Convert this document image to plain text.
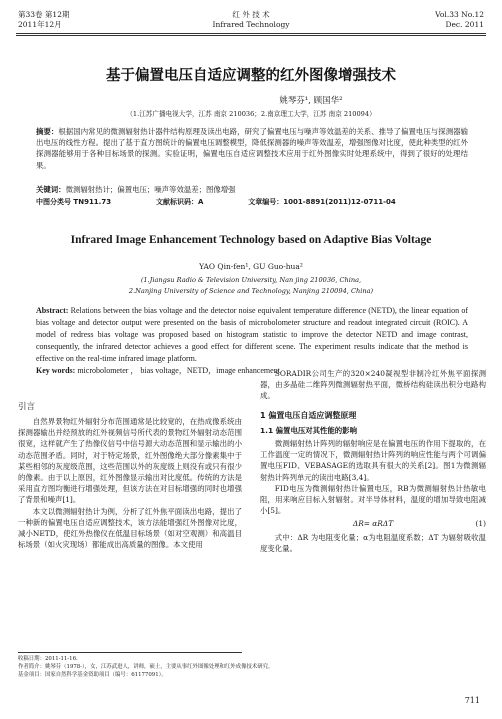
第33卷 第12期
2011年12月
红 外 技 术
Infrared Technology
Vol.33 No.12
Dec. 2011
基于偏置电压自适应调整的红外图像增强技术
姚琴芬¹, 顾国华²
（1.江苏广播电视大学，江苏 南京 210036；2.南京理工大学，江苏 南京 210094）
摘要：根据国内常见的微测辐射热计器件结构原理及读出电路，研究了偏置电压与噪声等效温差的关系、推导了偏置电压与探测器输出电压的线性方程。提出了基于直方图统计的偏置电压调整模型，降低探测器的噪声等效温差，增强图像对比度，使此种类型的红外探测器能够用于各种目标场景的探测。实验证明，偏置电压自适应调整技术应用于红外图像实时处理系统中，得到了很好的处理结果。
关键词：微测辐射热计；偏置电压；噪声等效温差；图像增强
中图分类号 TN911.73	文献标识码：A	文章编号：1001-8891(2011)12-0711-04
Infrared Image Enhancement Technology based on Adaptive Bias Voltage
YAO Qin-fen¹, GU Guo-hua²
(1.Jiangsu Radio & Television University, Nan jing 210036, China,
2.Nanjing University of Science and Technology, Nanjing 210094, China)
Abstract: Relations between the bias voltage and the detector noise equivalent temperature difference (NETD), the linear equation of bias voltage and detector output were presented on the basis of microbolometer structure and readout integrated circuit (ROIC). A model of redress bias voltage was proposed based on histogram statistic to improve the detector NETD and image contrast, consequently, the infrared detector achieves a good effect for different scene. The experiment results indicate that the method is effective on the real-time infrared image platform.
Key words: microbolometer ， bias voltage，NETD，image enhancement
引言

自然界景物红外辐射分布范围通常是比较宽的，在热成像系统由探测器输出并经预放的红外视频信号所代表的景物红外辐射动态范围很宽，这样就产生了热像仪信号中信号源大动态范围和显示输出的小动态范围矛盾。同时，对于特定场景，红外图像绝大部分像素集中于某些相邻的灰度级范围，这些范围以外的灰度级上则没有或只有很少的像素。由于以上原因，红外图像显示输出对比度低。传统的方法是采用直方图均衡进行增强处理，但该方法在对目标增强的同时也增强了背景和噪声[1]。

本文以微测辐射热计为例，分析了红外焦平面读出电路，提出了一种新的偏置电压自适应调整技术，该方法能增强红外图像对比度，减小NETD，使红外热像仪在低温目标场景（如对空观测）和高温目标场景（如火灾现场）都能成出高质量的图像。本文使用

SORADIR公司生产的320×240凝视型非制冷红外焦平面探测器，由多晶硅二维阵列微测辐射热平面，微桥结构硅读出积分电路构成。

1 偏置电压自适应调整原理

1.1 偏置电压对其性能的影响

微测辐射热计阵列的辐射响应是在偏置电压的作用下提取的，在工作温度一定的情况下，微测辐射热计阵列的响应性能与两个可调偏置电压FID、VEBASAGE的选取具有很大的关系[2]。图1为微测辐射热计阵列单元的读出电路[3,4]。

FID电压为微测辐射热计偏置电压，RB为微测辐射热计热敏电阻，用来响应目标入射辐射。对半导体材料，温度的增加导致电阻减小[5]。

ΔR= αRΔT	(1)

式中：ΔR 为电阻变化量；α为电阻温度系数；ΔT 为辐射吸收温度变化量。

收稿日期：2011-11-16.
作者简介：姚琴芬（1978-），女，江苏武进人，讲师，硕士，主要从事红外图像处理和红外成像技术研究。
基金项目：国家自然科学基金资助项目（编号：61177091）。
711
